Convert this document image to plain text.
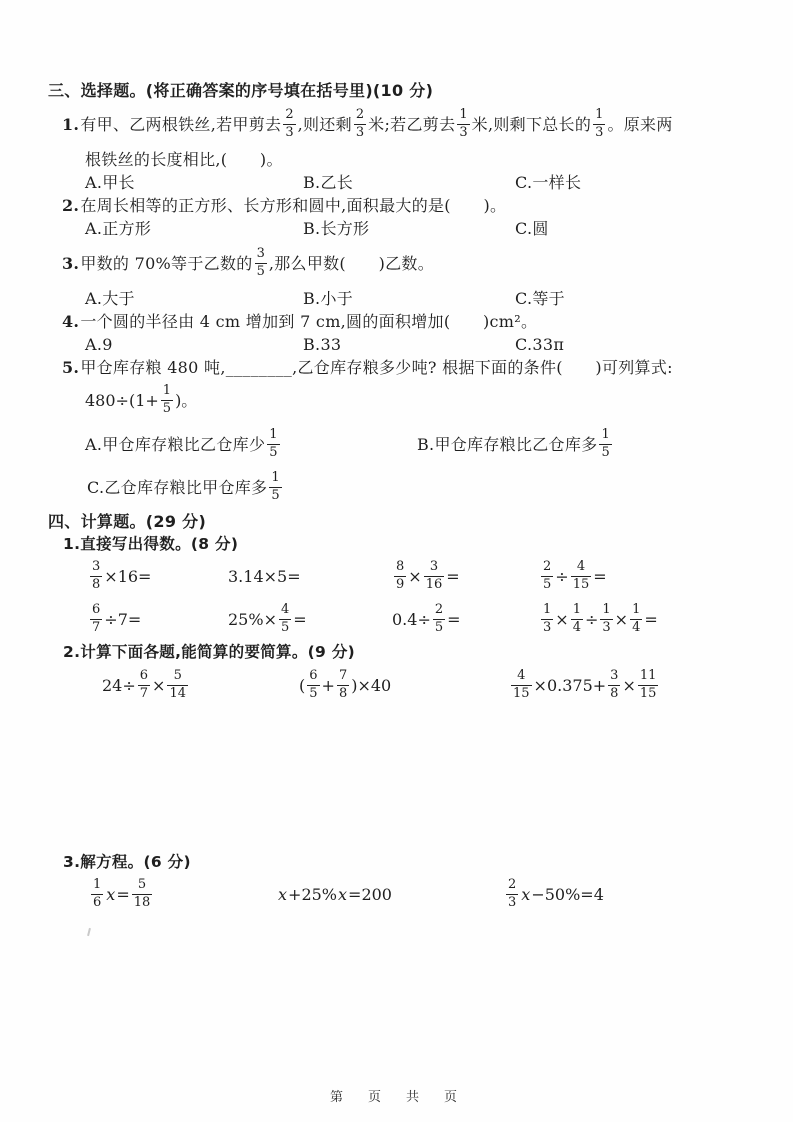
三、选择题。(将正确答案的序号填在括号里)(10 分)
1.有甲、乙两根铁丝,若甲剪去 $\frac{2}{3}$ ,则还剩 $\frac{2}{3}$ 米;若乙剪去 $\frac{1}{3}$ 米,则剩下总长的 $\frac{1}{3}$ 。原来两
根铁丝的长度相比,(　　)。
A.甲长	B.乙长	C.一样长
2.在周长相等的正方形、长方形和圆中,面积最大的是(　　)。
A.正方形	B.长方形	C.圆
3.甲数的 70%等于乙数的 $\frac{3}{5}$ ,那么甲数(　　)乙数。
A.大于	B.小于	C.等于
4.一个圆的半径由 4 cm 增加到 7 cm,圆的面积增加(　　)cm²。
A.9	B.33	C.33π
5.甲仓库存粮 480 吨,________,乙仓库存粮多少吨? 根据下面的条件(　　)可列算式:
$480\div(1+ \frac{1}{5}$ )。
A.甲仓库存粮比乙仓库少 $\frac{1}{5}$	B.甲仓库存粮比乙仓库多 $\frac{1}{5}$
C.乙仓库存粮比甲仓库多 $\frac{1}{5}$
四、计算题。(29 分)
1.直接写出得数。(8 分)
$\frac{3}{8} \times 16=$	3.14×5=	$\frac{8}{9} \times \frac{3}{16}$ =	$\frac{2}{5} \div \frac{4}{15}$ =
$\frac{6}{7} \div 7=$	$25\%\times \frac{4}{5}$ =	$0.4\div \frac{2}{5}$ =	$\frac{1}{3} \times \frac{1}{4} \div \frac{1}{3} \times \frac{1}{4}$ =
2.计算下面各题,能简算的要简算。(9 分)
$24\div \frac{6}{7} \times \frac{5}{14}$	( $\frac{6}{5} + \frac{7}{8} )\times 40$	$\frac{4}{15} \times 0.375+ \frac{3}{8} \times \frac{11}{15}$
3.解方程。(6 分)
$\frac{1}{6} x= \frac{5}{18}$	x+25%x=200	$\frac{2}{3} x-50\%=4$
第　页　共　页
